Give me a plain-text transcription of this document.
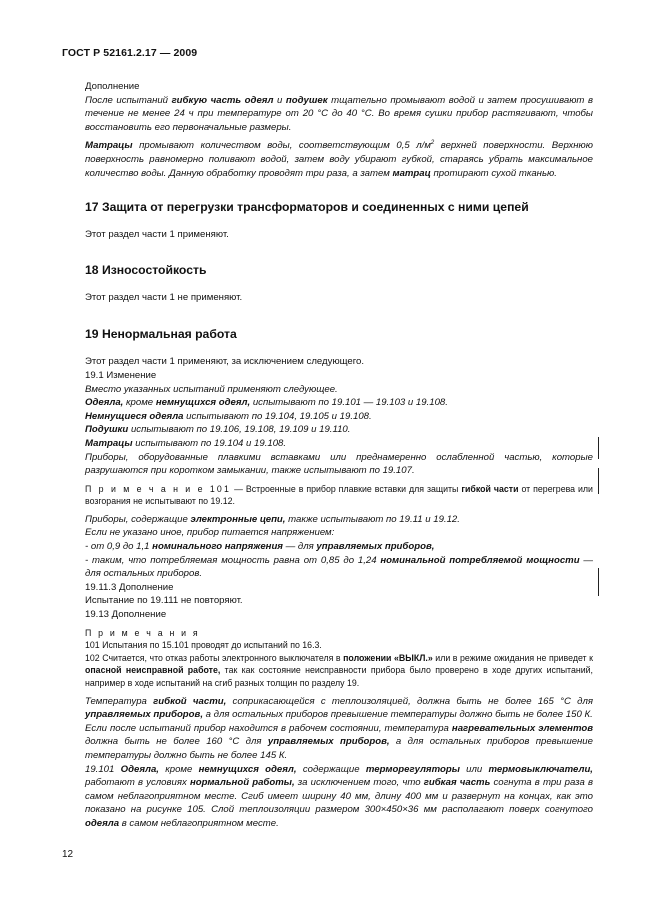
ГОСТ Р 52161.2.17 — 2009

Дополнение

После испытаний гибкую часть одеял и подушек тщательно промывают водой и затем просушивают в течение не менее 24 ч при температуре от 20 °С до 40 °С. Во время сушки прибор растягивают, чтобы восстановить его первоначальные размеры.

Матрацы промывают количеством воды, соответствующим 0,5 $л/м^2$ верхней поверхности. Верхнюю поверхность равномерно поливают водой, затем воду убирают губкой, стараясь убрать максимальное количество воды. Данную обработку проводят три раза, а затем матрац протирают сухой тканью.

17 Защита от перегрузки трансформаторов и соединенных с ними цепей

Этот раздел части 1 применяют.

18 Износостойкость

Этот раздел части 1 не применяют.

19 Ненормальная работа

Этот раздел части 1 применяют, за исключением следующего.

19.1 Изменение

Вместо указанных испытаний применяют следующее.

Одеяла, кроме немнущихся одеял, испытывают по 19.101 — 19.103 и 19.108.

Немнущиеся одеяла испытывают по 19.104, 19.105 и 19.108.

Подушки испытывают по 19.106, 19.108, 19.109 и 19.110.

Матрацы испытывают по 19.104 и 19.108.

Приборы, оборудованные плавкими вставками или преднамеренно ослабленной частью, которые разрушаются при коротком замыкании, также испытывают по 19.107.

П р и м е ч а н и е 101 — Встроенные в прибор плавкие вставки для защиты гибкой части от перегрева или возгорания не испытывают по 19.12.

Приборы, содержащие электронные цепи, также испытывают по 19.11 и 19.12.

Если не указано иное, прибор питается напряжением:

- от 0,9 до 1,1 номинального напряжения — для управляемых приборов,

- таким, что потребляемая мощность равна от 0,85 до 1,24 номинальной потребляемой мощности — для остальных приборов.

19.11.3 Дополнение

Испытание по 19.111 не повторяют.

19.13 Дополнение

П р и м е ч а н и я

101 Испытания по 15.101 проводят до испытаний по 16.3.

102 Считается, что отказ работы электронного выключателя в положении «ВЫКЛ.» или в режиме ожидания не приведет к опасной неисправной работе, так как состояние неисправности прибора было проверено в ходе других испытаний, например в ходе испытаний на сгиб разных толщин по разделу 19.

Температура гибкой части, соприкасающейся с теплоизоляцией, должна быть не более 165 °С для управляемых приборов, а для остальных приборов превышение температуры должно быть не более 150 К.

Если после испытаний прибор находится в рабочем состоянии, температура нагревательных элементов должна быть не более 160 °С для управляемых приборов, а для остальных приборов превышение температуры должно быть не более 145 К.

19.101 Одеяла, кроме немнущихся одеял, содержащие терморегуляторы или термовыключатели, работают в условиях нормальной работы, за исключением того, что гибкая часть согнута в три раза в самом неблагоприятном месте. Сгиб имеет ширину 40 мм, длину 400 мм и развернут на концах, как это показано на рисунке 105. Слой теплоизоляции размером 300×450×36 мм располагают поверх согнутого одеяла в самом неблагоприятном месте.

12
